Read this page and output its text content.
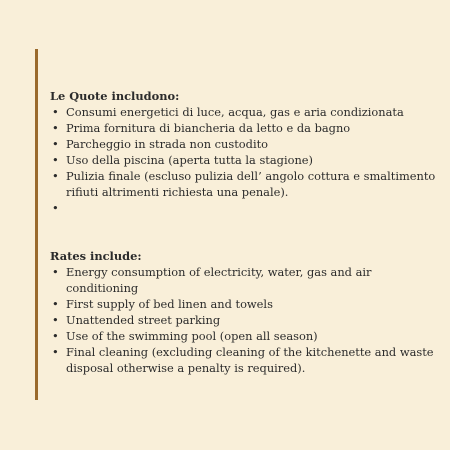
Le Quote includono:

• Consumi energetici di luce, acqua, gas e aria condizionata
• Prima fornitura di biancheria da letto e da bagno
• Parcheggio in strada non custodito
• Uso della piscina (aperta tutta la stagione)
• Pulizia finale (escluso pulizia dell’ angolo cottura e smaltimento rifiuti altrimenti richiesta una penale).
•

Rates include:

• Energy consumption of electricity, water, gas and air conditioning
• First supply of bed linen and towels
• Unattended street parking
• Use of the swimming pool (open all season)
• Final cleaning (excluding cleaning of the kitchenette and waste disposal otherwise a penalty is required).
